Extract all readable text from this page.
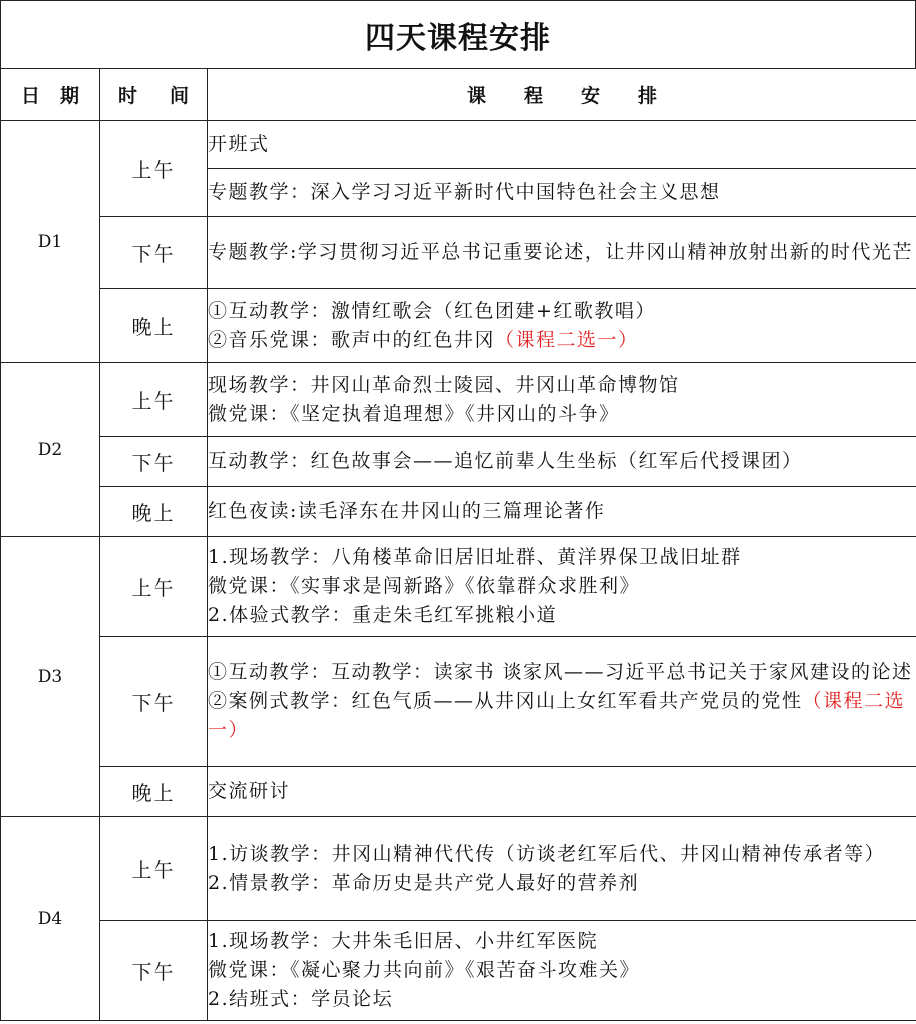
四天课程安排
日 期	时 间	课 程 安 排

D1	上午	开班式

		专题教学：深入学习习近平新时代中国特色社会主义思想

	下午	专题教学:学习贯彻习近平总书记重要论述，让井冈山精神放射出新的时代光芒

	晚上	①互动教学：激情红歌会（红色团建+红歌教唱）
②音乐党课：歌声中的红色井冈（课程二选一）

D2	上午	现场教学：井冈山革命烈士陵园、井冈山革命博物馆
微党课：《坚定执着追理想》《井冈山的斗争》

	下午	互动教学：红色故事会——追忆前辈人生坐标（红军后代授课团）

	晚上	红色夜读:读毛泽东在井冈山的三篇理论著作

D3	上午	1.现场教学：八角楼革命旧居旧址群、黄洋界保卫战旧址群
微党课：《实事求是闯新路》《依靠群众求胜利》
2.体验式教学：重走朱毛红军挑粮小道

	下午	①互动教学：互动教学：读家书 谈家风——习近平总书记关于家风建设的论述
②案例式教学：红色气质——从井冈山上女红军看共产党员的党性（课程二选一）

	晚上	交流研讨

D4	上午	1.访谈教学：井冈山精神代代传（访谈老红军后代、井冈山精神传承者等）
2.情景教学：革命历史是共产党人最好的营养剂

	下午	1.现场教学：大井朱毛旧居、小井红军医院
微党课：《凝心聚力共向前》《艰苦奋斗攻难关》
2.结班式：学员论坛
